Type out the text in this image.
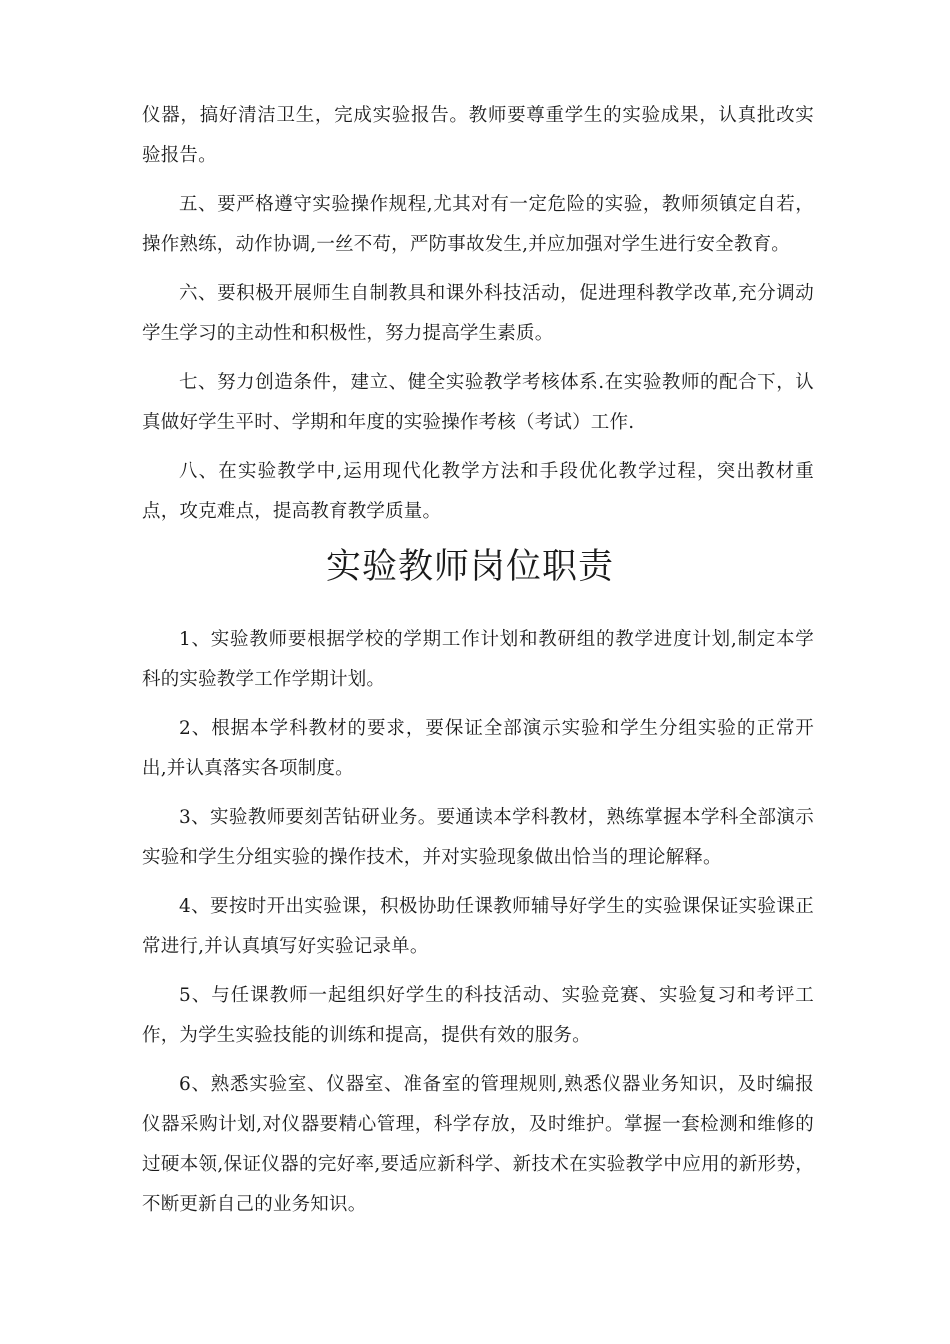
仪器，搞好清洁卫生，完成实验报告。教师要尊重学生的实验成果，认真批改实验报告。

五、要严格遵守实验操作规程,尤其对有一定危险的实验，教师须镇定自若，操作熟练，动作协调,一丝不苟，严防事故发生,并应加强对学生进行安全教育。

六、要积极开展师生自制教具和课外科技活动，促进理科教学改革,充分调动学生学习的主动性和积极性，努力提高学生素质。

七、努力创造条件，建立、健全实验教学考核体系.在实验教师的配合下，认真做好学生平时、学期和年度的实验操作考核（考试）工作.

八、在实验教学中,运用现代化教学方法和手段优化教学过程，突出教材重点，攻克难点，提高教育教学质量。

实验教师岗位职责

1、实验教师要根据学校的学期工作计划和教研组的教学进度计划,制定本学科的实验教学工作学期计划。

2、根据本学科教材的要求，要保证全部演示实验和学生分组实验的正常开出,并认真落实各项制度。

3、实验教师要刻苦钻研业务。要通读本学科教材，熟练掌握本学科全部演示实验和学生分组实验的操作技术，并对实验现象做出恰当的理论解释。

4、要按时开出实验课，积极协助任课教师辅导好学生的实验课保证实验课正常进行,并认真填写好实验记录单。

5、与任课教师一起组织好学生的科技活动、实验竞赛、实验复习和考评工作，为学生实验技能的训练和提高，提供有效的服务。

6、熟悉实验室、仪器室、准备室的管理规则,熟悉仪器业务知识，及时编报仪器采购计划,对仪器要精心管理，科学存放，及时维护。掌握一套检测和维修的过硬本领,保证仪器的完好率,要适应新科学、新技术在实验教学中应用的新形势，不断更新自己的业务知识。
